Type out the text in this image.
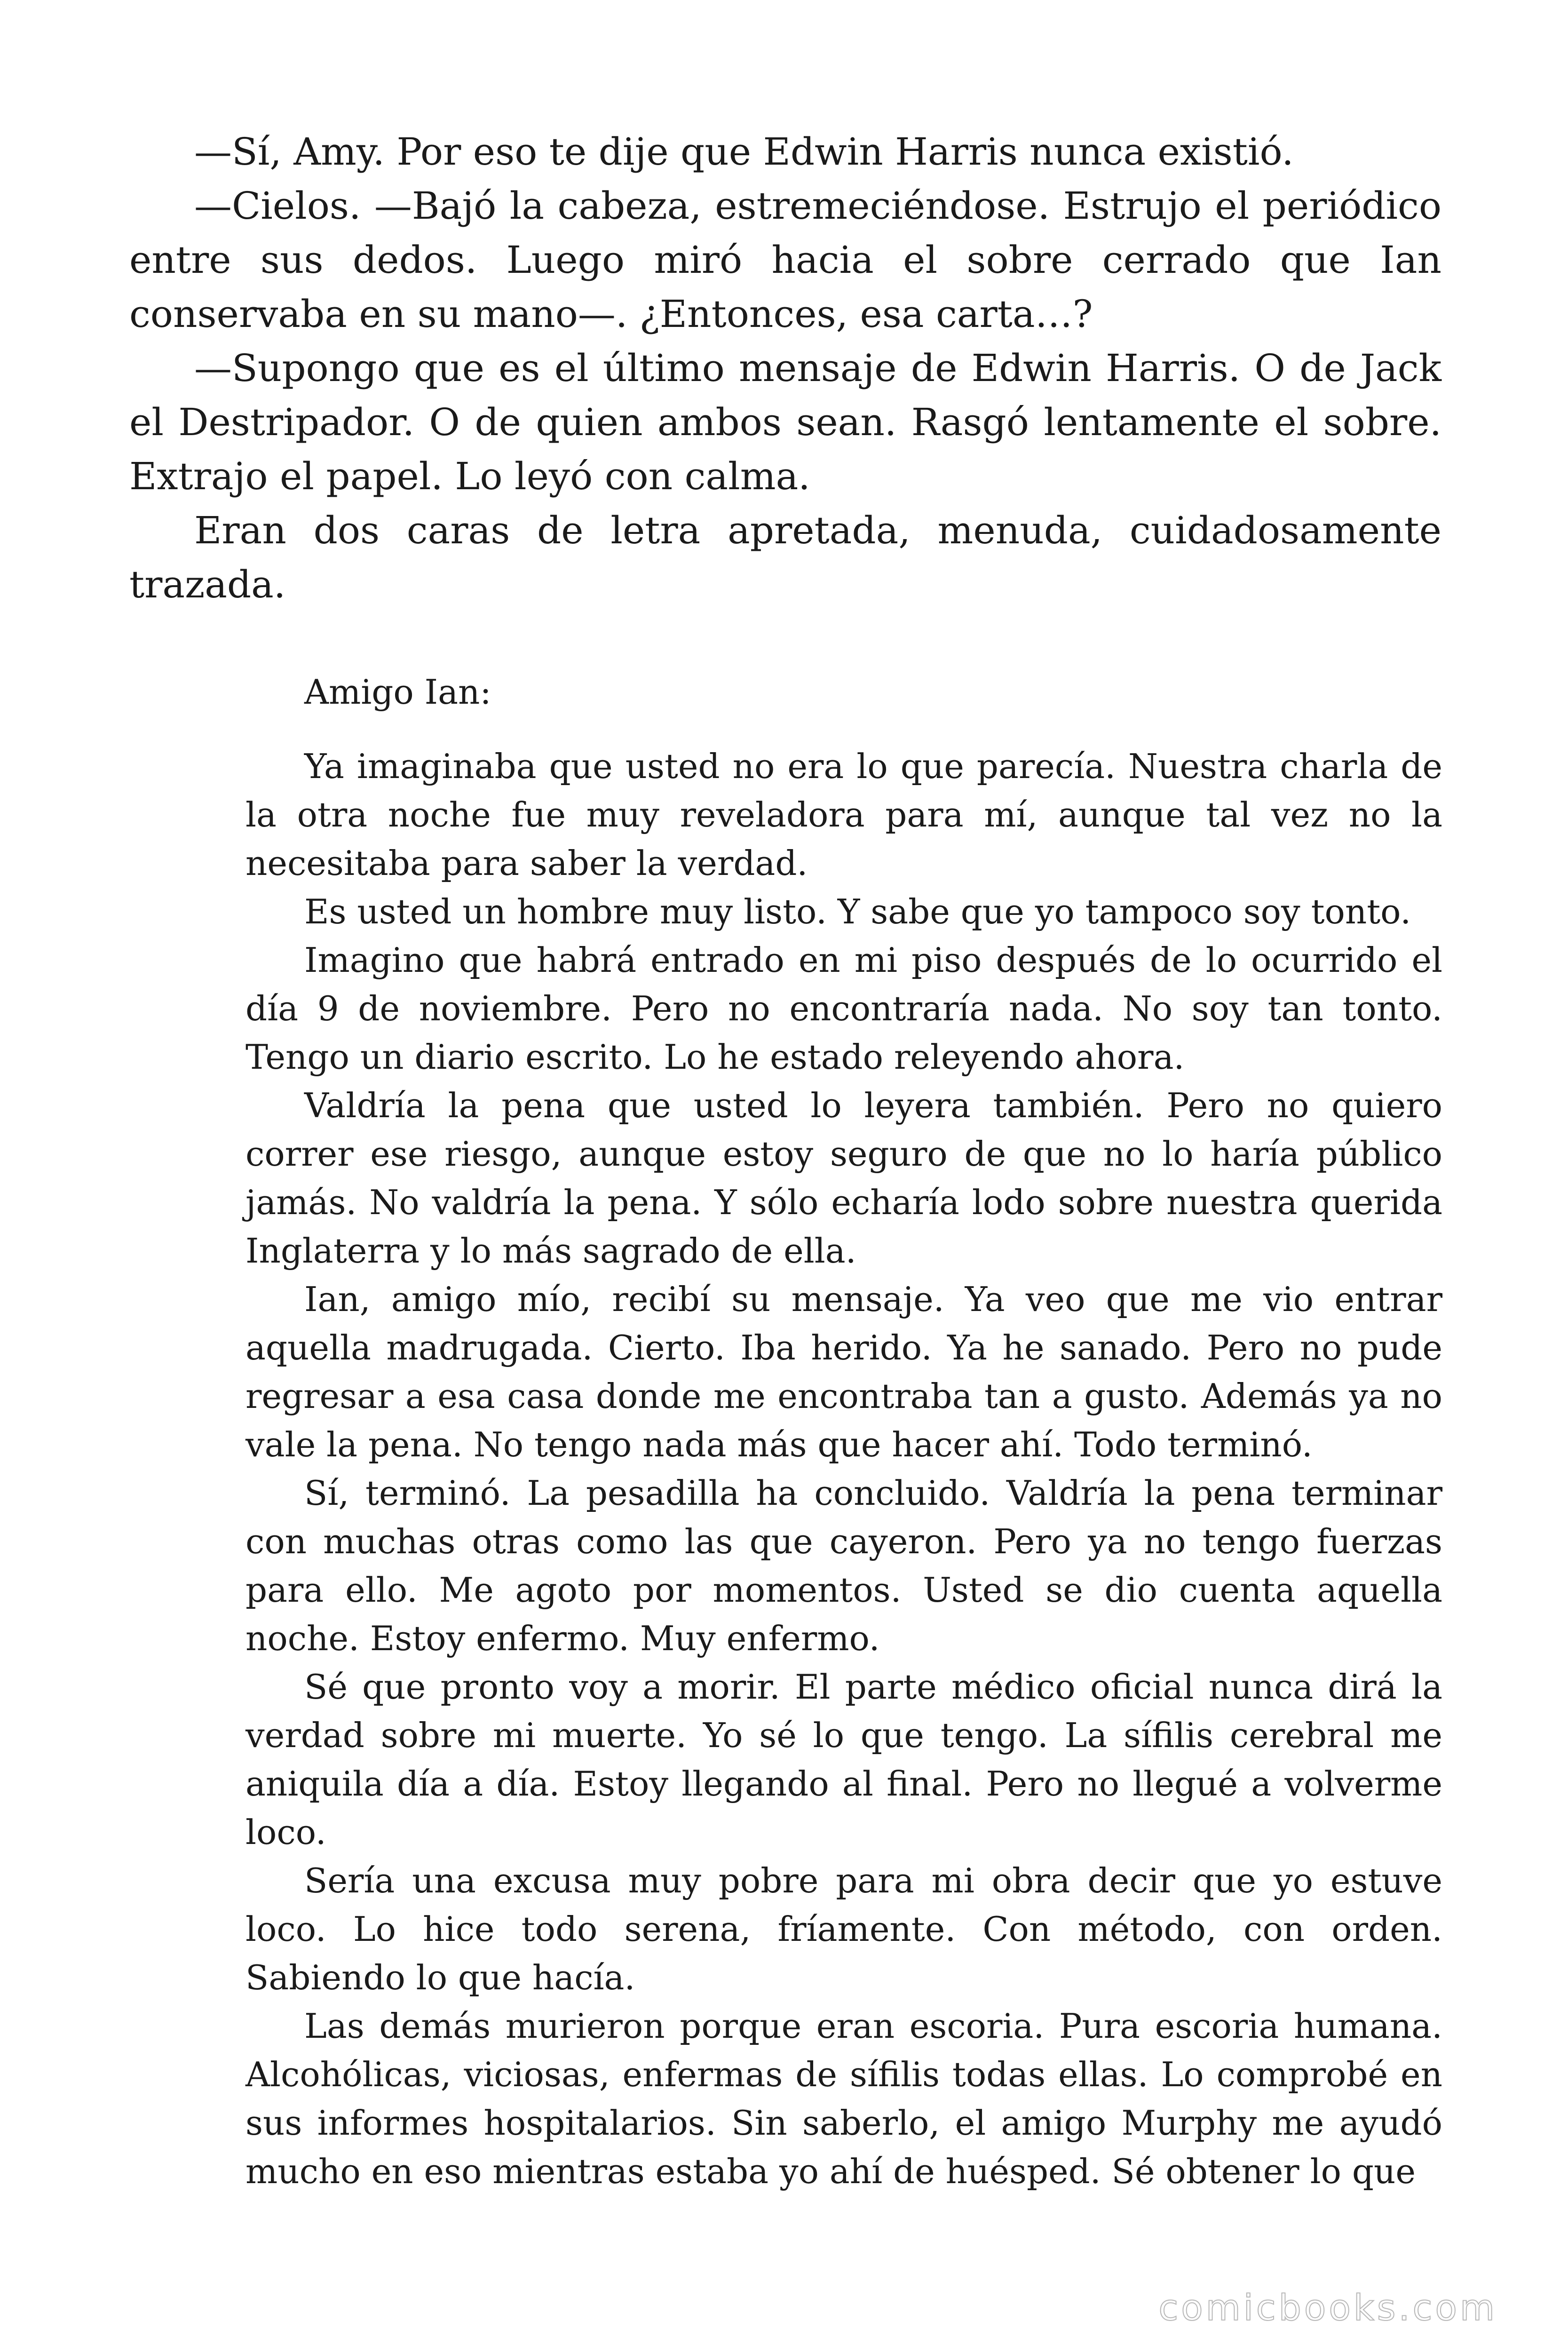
—Sí, Amy. Por eso te dije que Edwin Harris nunca existió.

—Cielos. —Bajó la cabeza, estremeciéndose. Estrujo el periódico entre sus dedos. Luego miró hacia el sobre cerrado que Ian conservaba en su mano—. ¿Entonces, esa carta…?

—Supongo que es el último mensaje de Edwin Harris. O de Jack el Destripador. O de quien ambos sean. Rasgó lentamente el sobre. Extrajo el papel. Lo leyó con calma.

Eran dos caras de letra apretada, menuda, cuidadosamente trazada.

Amigo Ian:

Ya imaginaba que usted no era lo que parecía. Nuestra charla de la otra noche fue muy reveladora para mí, aunque tal vez no la necesitaba para saber la verdad.

Es usted un hombre muy listo. Y sabe que yo tampoco soy tonto.

Imagino que habrá entrado en mi piso después de lo ocurrido el día 9 de noviembre. Pero no encontraría nada. No soy tan tonto. Tengo un diario escrito. Lo he estado releyendo ahora.

Valdría la pena que usted lo leyera también. Pero no quiero correr ese riesgo, aunque estoy seguro de que no lo haría público jamás. No valdría la pena. Y sólo echaría lodo sobre nuestra querida Inglaterra y lo más sagrado de ella.

Ian, amigo mío, recibí su mensaje. Ya veo que me vio entrar aquella madrugada. Cierto. Iba herido. Ya he sanado. Pero no pude regresar a esa casa donde me encontraba tan a gusto. Además ya no vale la pena. No tengo nada más que hacer ahí. Todo terminó.

Sí, terminó. La pesadilla ha concluido. Valdría la pena terminar con muchas otras como las que cayeron. Pero ya no tengo fuerzas para ello. Me agoto por momentos. Usted se dio cuenta aquella noche. Estoy enfermo. Muy enfermo.

Sé que pronto voy a morir. El parte médico oficial nunca dirá la verdad sobre mi muerte. Yo sé lo que tengo. La sífilis cerebral me aniquila día a día. Estoy llegando al final. Pero no llegué a volverme loco.

Sería una excusa muy pobre para mi obra decir que yo estuve loco. Lo hice todo serena, fríamente. Con método, con orden. Sabiendo lo que hacía.

Las demás murieron porque eran escoria. Pura escoria humana. Alcohólicas, viciosas, enfermas de sífilis todas ellas. Lo comprobé en sus informes hospitalarios. Sin saberlo, el amigo Murphy me ayudó mucho en eso mientras estaba yo ahí de huésped. Sé obtener lo que

comicbooks.com
